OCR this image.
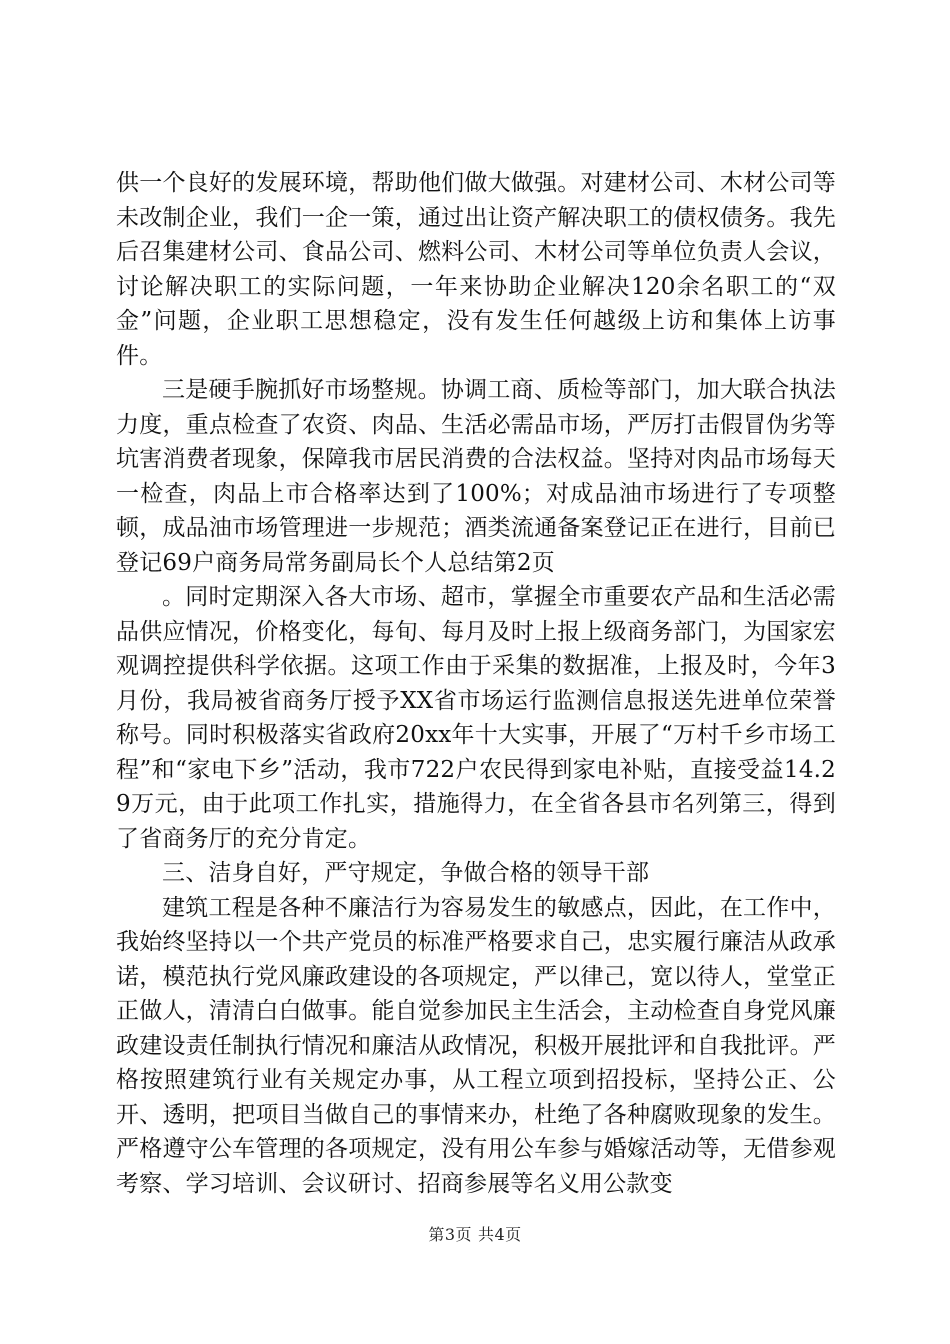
供一个良好的发展环境，帮助他们做大做强。对建材公司、木材公司等未改制企业，我们一企一策，通过出让资产解决职工的债权债务。我先后召集建材公司、食品公司、燃料公司、木材公司等单位负责人会议，讨论解决职工的实际问题，一年来协助企业解决120余名职工的“双金”问题，企业职工思想稳定，没有发生任何越级上访和集体上访事件。

三是硬手腕抓好市场整规。协调工商、质检等部门，加大联合执法力度，重点检查了农资、肉品、生活必需品市场，严厉打击假冒伪劣等坑害消费者现象，保障我市居民消费的合法权益。坚持对肉品市场每天一检查，肉品上市合格率达到了100%；对成品油市场进行了专项整顿，成品油市场管理进一步规范；酒类流通备案登记正在进行，目前已登记69户商务局常务副局长个人总结第2页

。同时定期深入各大市场、超市，掌握全市重要农产品和生活必需品供应情况，价格变化，每旬、每月及时上报上级商务部门，为国家宏观调控提供科学依据。这项工作由于采集的数据准，上报及时，今年3月份，我局被省商务厅授予XX省市场运行监测信息报送先进单位荣誉称号。同时积极落实省政府20xx年十大实事，开展了“万村千乡市场工程”和“家电下乡”活动，我市722户农民得到家电补贴，直接受益14.29万元，由于此项工作扎实，措施得力，在全省各县市名列第三，得到了省商务厅的充分肯定。

三、洁身自好，严守规定，争做合格的领导干部

建筑工程是各种不廉洁行为容易发生的敏感点，因此，在工作中，我始终坚持以一个共产党员的标准严格要求自己，忠实履行廉洁从政承诺，模范执行党风廉政建设的各项规定，严以律己，宽以待人，堂堂正正做人，清清白白做事。能自觉参加民主生活会，主动检查自身党风廉政建设责任制执行情况和廉洁从政情况，积极开展批评和自我批评。严格按照建筑行业有关规定办事，从工程立项到招投标，坚持公正、公开、透明，把项目当做自己的事情来办，杜绝了各种腐败现象的发生。严格遵守公车管理的各项规定，没有用公车参与婚嫁活动等，无借参观考察、学习培训、会议研讨、招商参展等名义用公款变

第3页 共4页
